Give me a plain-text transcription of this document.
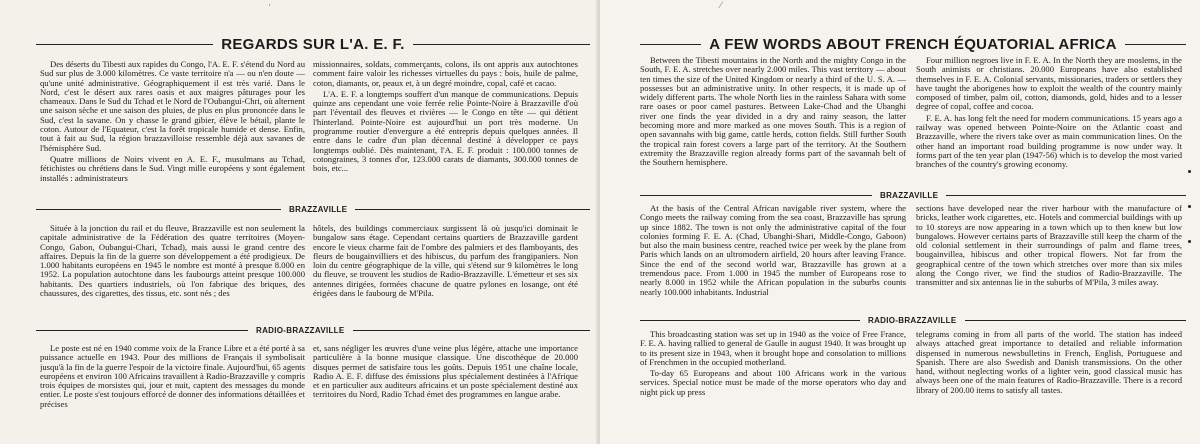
·
REGARDS SUR L'A. E. F.

Des déserts du Tibesti aux rapides du Congo, l'A. E. F. s'étend du Nord au Sud sur plus de 3.000 kilomètres. Ce vaste territoire n'a — ou n'en doute — qu'une unité administrative. Géographiquement il est très varié. Dans le Nord, c'est le désert aux rares oasis et aux maigres pâturages pour les chameaux. Dans le Sud du Tchad et le Nord de l'Oubangui-Chri, où alternent une saison sèche et une saison des pluies, de plus en plus prononcée dans le Sud, c'est la savane. On y chasse le grand gibier, élève le bétail, plante le coton. Autour de l'Equateur, c'est la forêt tropicale humide et dense. Enfin, tout à fait au Sud, la région brazzavilloise ressemble déjà aux savanes de l'hémisphère Sud.

Quatre millions de Noirs vivent en A. E. F., musulmans au Tchad, fétichistes ou chrétiens dans le Sud. Vingt mille européens y sont également installés : administrateurs

missionnaires, soldats, commerçants, colons, ils ont appris aux autochtones comment faire valoir les richesses virtuelles du pays : bois, huile de palme, coton, diamants, or, peaux et, à un degré moindre, copal, café et cacao.

L'A. E. F. a longtemps souffert d'un manque de communications. Depuis quinze ans cependant une voie ferrée relie Pointe-Noire à Brazzaville d'où part l'éventail des fleuves et rivières — le Congo en tête — qui détient l'hinterland. Pointe-Noire est aujourd'hui un port très moderne. Un programme routier d'envergure a été entrepris depuis quelques années. Il entre dans le cadre d'un plan décennal destiné à développer ce pays longtemps oublié. Dès maintenant, l'A. E. F. produit : 100.000 tonnes de cotongraines, 3 tonnes d'or, 123.000 carats de diamants, 300.000 tonnes de bois, etc...

BRAZZAVILLE

Située à la jonction du rail et du fleuve, Brazzaville est non seulement la capitale administrative de la Fédération des quatre territoires (Moyen-Congo, Gabon, Oubangui-Chari, Tchad), mais aussi le grand centre des affaires. Depuis la fin de la guerre son développement a été prodigieux. De 1.000 habitants européens en 1945 le nombre est monté à presque 8.000 en 1952. La population autochtone dans les faubourgs atteint presque 100.000 habitants. Des quartiers industriels, où l'on fabrique des briques, des chaussures, des cigarettes, des tissus, etc. sont nés ; des

hôtels, des buildings commerciaux surgissent là où jusqu'ici dominait le bungalow sans étage. Cependant certains quartiers de Brazzaville gardent encore le vieux charme fait de l'ombre des palmiers et des flamboyants, des fleurs de bougainvilliers et des hibiscus, du parfum des frangipaniers. Non loin du centre géographique de la ville, qui s'étend sur 9 kilomètres le long du fleuve, se trouvent les studios de Radio-Brazzaville. L'émetteur et ses six antennes dirigées, formées chacune de quatre pylones en losange, ont été érigées dans le faubourg de M'Pila.

RADIO-BRAZZAVILLE

Le poste est né en 1940 comme voix de la France Libre et a été porté à sa puissance actuelle en 1943. Pour des millions de Français il symbolisait jusqu'à la fin de la guerre l'espoir de la victoire finale. Aujourd'hui, 65 agents européens et environ 100 Africains travaillent à Radio-Brazzaville y compris trois équipes de morsistes qui, jour et nuit, captent des messages du monde entier. Le poste s'est toujours efforcé de donner des informations détaillées et précises

et, sans négliger les œuvres d'une veine plus légère, attache une importance particulière à la bonne musique classique. Une discothèque de 20.000 disques permet de satisfaire tous les goûts. Depuis 1951 une chaîne locale, Radio A. E. F. diffuse des émissions plus spécialement destinées à l'Afrique et en particulier aux auditeurs africains et un poste spécialement destiné aux territoires du Nord, Radio Tchad émet des programmes en langue arabe.

⁄
A FEW WORDS ABOUT FRENCH ÉQUATORIAL AFRICA

Between the Tibesti mountains in the North and the mighty Congo in the South, F. E. A. stretches over nearly 2.000 miles. This vast territory — about ten times the size of the United Kingdom or nearly a third of the U. S. A. — possesses but an administrative unity. In other respects, it is made up of widely different parts. The whole North lies in the rainless Sahara with some rare oases or poor camel pastures. Between Lake-Chad and the Ubanghi river one finds the year divided in a dry and rainy season, the latter becoming more and more marked as one moves South. This is a region of open savannahs with big game, cattle herds, cotton fields. Still further South the tropical rain forest covers a large part of the territory. At the Southern extremity the Brazzaville region already forms part of the savannah belt of the Southern hemisphere.

Four million negroes live in F. E. A. In the North they are moslems, in the South animists or christians. 20.000 Europeans have also established themselves in F. E. A. Colonial servants, missionaries, traders or settlers they have taught the aborigenes how to exploit the wealth of the country mainly composed of timber, palm oil, cotton, diamonds, gold, hides and to a lesser degree of copal, coffee and cocoa.

F. E. A. has long felt the need for modern communications. 15 years ago a railway was opened between Pointe-Noire on the Atlantic coast and Brazzaville, where the rivers take over as main communication lines. On the other hand an important road building programme is now under way. It forms part of the ten year plan (1947-56) which is to develop the most varied branches of the country's growing economy.

BRAZZAVILLE

At the basis of the Central African navigable river system, where the Congo meets the railway coming from the sea coast, Brazzaville has sprung up since 1882. The town is not only the administrative capital of the four colonies forming F. E. A. (Chad, Ubanghi-Shari, Middle-Congo, Gaboon) but also the main business centre, reached twice per week by the plane from Paris which lands on an ultromodern airfield, 20 hours after leaving France. Since the end of the second world war, Brazzaville has grown at a tremendous pace. From 1.000 in 1945 the number of Europeans rose to nearly 8.000 in 1952 while the African population in the suburbs counts nearly 100.000 inhabitants. Industrial

sections have developed near the river harbour with the manufacture of bricks, leather work cigarettes, etc. Hotels and commercial buildings with up to 10 storeys are now appearing in a town which up to then knew but low bungalows. However certains parts of Brazzaville still keep the charm of the old colonial settlement in their surroundings of palm and flame trees, bougainvillea, hibiscus and other tropical flowers. Not far from the geographical centre of the town which stretches over more than six miles along the Congo river, we find the studios of Radio-Brazzaville. The transmitter and six antennas lie in the suburbs of M'Pila, 3 miles away.

RADIO-BRAZZAVILLE

This broadcasting station was set up in 1940 as the voice of Free France, F. E. A. having rallied to general de Gaulle in august 1940. It was brought up to its present size in 1943, when it brought hope and consolation to millions of Frenchmen in the occupied motherland.

To-day 65 Europeans and about 100 Africans work in the various services. Special notice must be made of the morse operators who day and night pick up press

telegrams coming in from all parts of the world. The station has indeed always attached great importance to detailed and reliable information dispensed in numerous newsbulletins in French, English, Portuguese and Spanish. There are also Swedish and Danish transmissions. On the other hand, without neglecting works of a lighter vein, good classical music has always been one of the main features of Radio-Brazzaville. There is a record library of 200.00 items to satisfy all tastes.
